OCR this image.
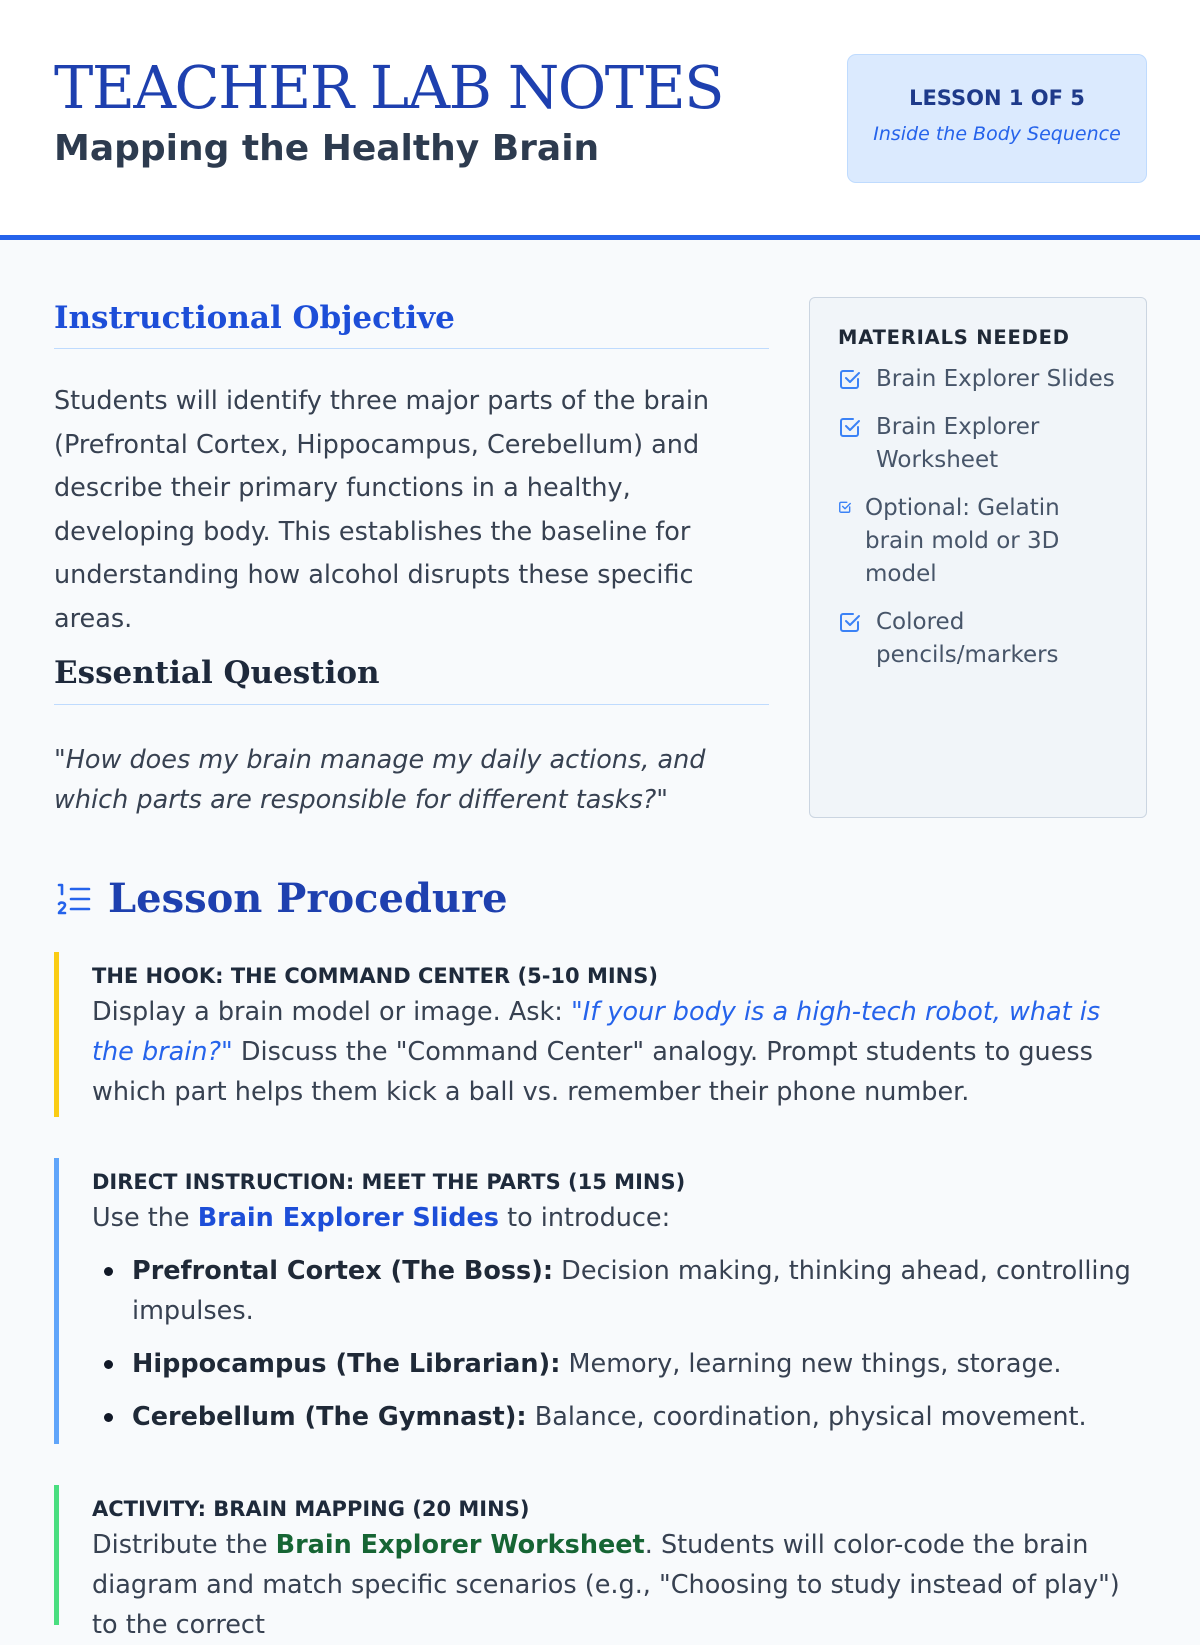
TEACHER LAB NOTES
Mapping the Healthy Brain
LESSON 1 OF 5
Inside the Body Sequence
Instructional Objective

Students will identify three major parts of the brain (Prefrontal Cortex, Hippocampus, Cerebellum) and describe their primary functions in a healthy, developing body. This establishes the baseline for understanding how alcohol disrupts these specific areas.

Essential Question

"How does my brain manage my daily actions, and which parts are responsible for different tasks?"

MATERIALS NEEDED
Brain Explorer Slides
Brain Explorer Worksheet
Optional: Gelatin brain mold or 3D model
Colored pencils/markers
Lesson Procedure
THE HOOK: THE COMMAND CENTER (5-10 MINS)

Display a brain model or image. Ask: "If your body is a high-tech robot, what is the brain?" Discuss the "Command Center" analogy. Prompt students to guess which part helps them kick a ball vs. remember their phone number.

DIRECT INSTRUCTION: MEET THE PARTS (15 MINS)

Use the Brain Explorer Slides to introduce:

Prefrontal Cortex (The Boss): Decision making, thinking ahead, controlling impulses.
Hippocampus (The Librarian): Memory, learning new things, storage.
Cerebellum (The Gymnast): Balance, coordination, physical movement.
ACTIVITY: BRAIN MAPPING (20 MINS)

Distribute the Brain Explorer Worksheet. Students will color-code the brain diagram and match specific scenarios (e.g., "Choosing to study instead of play") to the correct
